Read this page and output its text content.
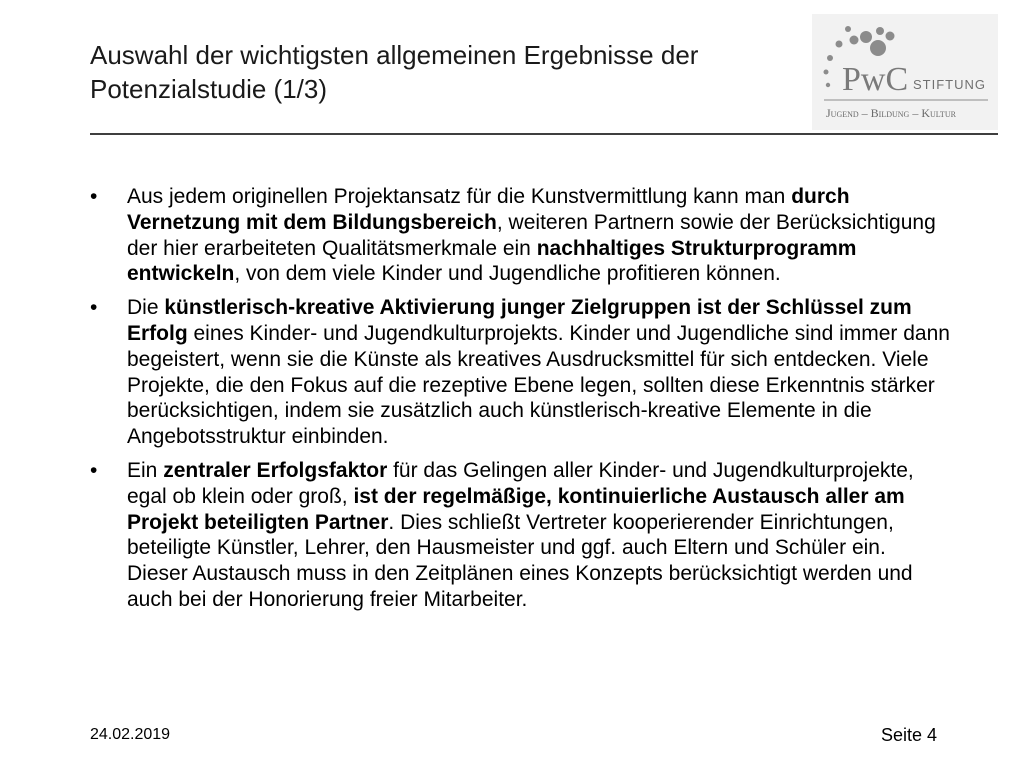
Auswahl der wichtigsten allgemeinen Ergebnisse der
Potenzialstudie (1/3)	PwC STIFTUNG
Jugend – Bildung – Kultur
• Aus jedem originellen Projektansatz für die Kunstvermittlung kann man durch Vernetzung mit dem Bildungsbereich, weiteren Partnern sowie der Berücksichtigung der hier erarbeiteten Qualitätsmerkmale ein nachhaltiges Strukturprogramm entwickeln, von dem viele Kinder und Jugendliche profitieren können.
• Die künstlerisch-kreative Aktivierung junger Zielgruppen ist der Schlüssel zum Erfolg eines Kinder- und Jugendkulturprojekts. Kinder und Jugendliche sind immer dann begeistert, wenn sie die Künste als kreatives Ausdrucksmittel für sich entdecken. Viele Projekte, die den Fokus auf die rezeptive Ebene legen, sollten diese Erkenntnis stärker berücksichtigen, indem sie zusätzlich auch künstlerisch-kreative Elemente in die Angebotsstruktur einbinden.
• Ein zentraler Erfolgsfaktor für das Gelingen aller Kinder- und Jugendkulturprojekte, egal ob klein oder groß, ist der regelmäßige, kontinuierliche Austausch aller am Projekt beteiligten Partner. Dies schließt Vertreter kooperierender Einrichtungen, beteiligte Künstler, Lehrer, den Hausmeister und ggf. auch Eltern und Schüler ein. Dieser Austausch muss in den Zeitplänen eines Konzepts berücksichtigt werden und auch bei der Honorierung freier Mitarbeiter.
24.02.2019	Seite 4
